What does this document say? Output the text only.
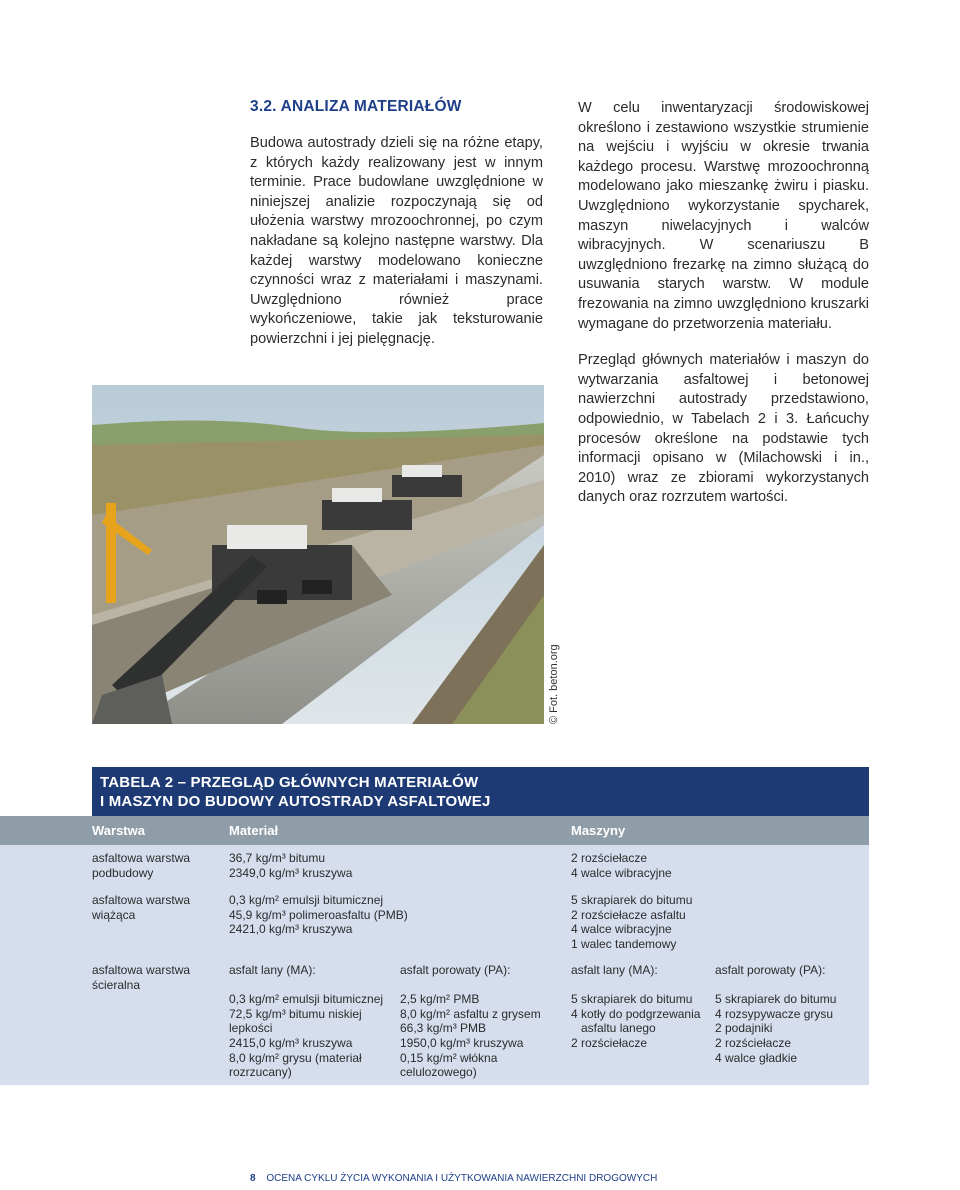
3.2. ANALIZA MATERIAŁÓW

Budowa autostrady dzieli się na różne etapy, z których każdy realizowany jest w innym terminie. Prace budowlane uwzględnione w niniejszej analizie rozpoczynają się od ułożenia warstwy mrozoochronnej, po czym nakładane są kolejno następne warstwy. Dla każdej warstwy modelowano konieczne czynności wraz z materiałami i maszynami. Uwzględniono również prace wykończeniowe, takie jak teksturowanie powierzchni i jej pielęgnację.

W celu inwentaryzacji środowiskowej określono i zestawiono wszystkie strumienie na wejściu i wyjściu w okresie trwania każdego procesu. Warstwę mrozoochronną modelowano jako mieszankę żwiru i piasku. Uwzględniono wykorzystanie spycharek, maszyn niwelacyjnych i walców wibracyjnych. W scenariuszu B uwzględniono frezarkę na zimno służącą do usuwania starych warstw. W module frezowania na zimno uwzględniono kruszarki wymagane do przetworzenia materiału.

Przegląd głównych materiałów i maszyn do wytwarzania asfaltowej i betonowej nawierzchni autostrady przedstawiono, odpowiednio, w Tabelach 2 i 3. Łańcuchy procesów określone na podstawie tych informacji opisano w (Milachowski i in., 2010) wraz ze zbiorami wykorzystanych danych oraz rozrzutem wartości.

© Fot. beton.org
TABELA 2 – PRZEGLĄD GŁÓWNYCH MATERIAŁÓW
I MASZYN DO BUDOWY AUTOSTRADY ASFALTOWEJ
Warstwa	Materiał	Maszyny
asfaltowa warstwa
podbudowy
36,7 kg/m³ bitumu
2349,0 kg/m³ kruszywa
2 rozściełacze
4 walce wibracyjne
asfaltowa warstwa
wiążąca
0,3 kg/m² emulsji bitumicznej
45,9 kg/m³ polimeroasfaltu (PMB)
2421,0 kg/m³ kruszywa
5 skrapiarek do bitumu
2 rozściełacze asfaltu
4 walce wibracyjne
1 walec tandemowy
asfaltowa warstwa
ścieralna
asfalt lany (MA):
0,3 kg/m² emulsji bitumicznej
72,5 kg/m³ bitumu niskiej
lepkości
2415,0 kg/m³ kruszywa
8,0 kg/m² grysu (materiał
rozrzucany)
asfalt porowaty (PA):
2,5 kg/m² PMB
8,0 kg/m² asfaltu z grysem
66,3 kg/m³ PMB
1950,0 kg/m³ kruszywa
0,15 kg/m² włókna
celulozowego)
asfalt lany (MA):
5 skrapiarek do bitumu
4 kotły do podgrzewania
asfaltu lanego
2 rozściełacze
asfalt porowaty (PA):
5 skrapiarek do bitumu
4 rozsypywacze grysu
2 podajniki
2 rozściełacze
4 walce gładkie
8 OCENA CYKLU ŻYCIA WYKONANIA I UŻYTKOWANIA NAWIERZCHNI DROGOWYCH
